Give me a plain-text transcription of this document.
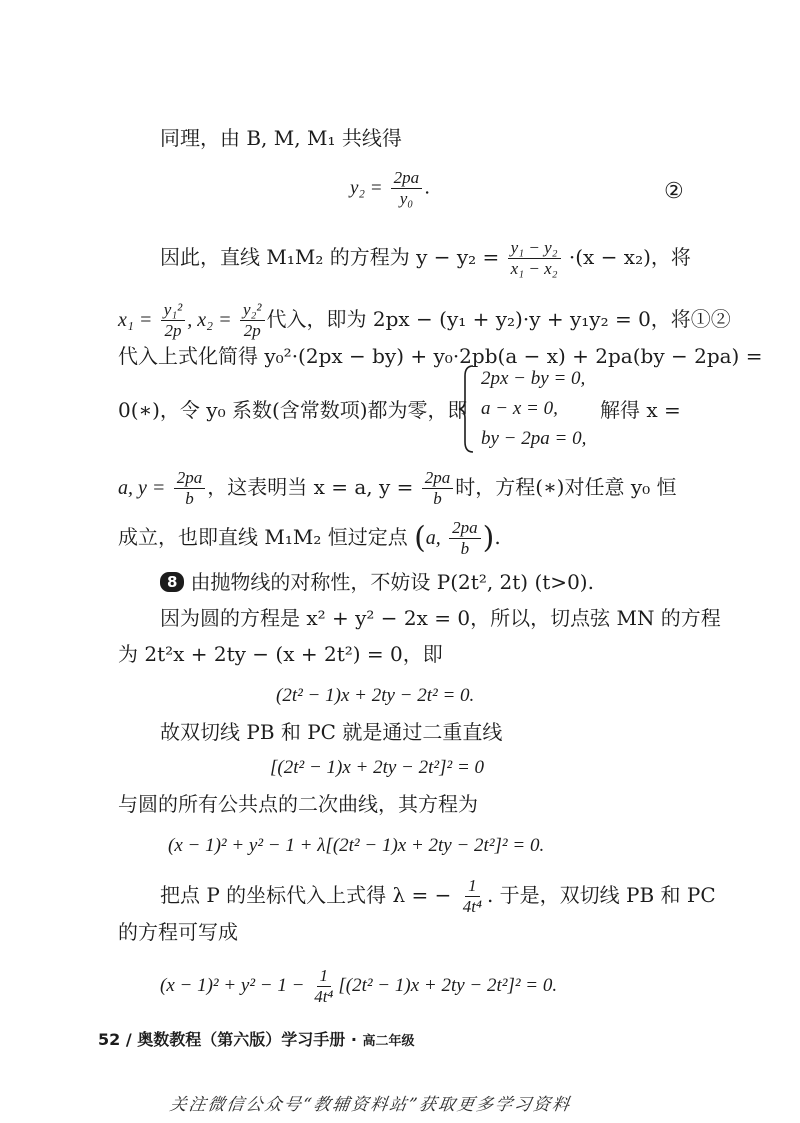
同理，由 B, M, M₁ 共线得
$y_2 = \frac{2pa}{\text{y₀}}$ .	②
因此，直线 M₁M₂ 的方程为 $y - y_2 = \frac{\text{y₁ − y₂}}{\text{x₁ − x₂}} \cdot(x - x_2)$，将
$x_1 = \frac{\text{y₁²}}{2p}$ , $x_2 = \frac{\text{y₂²}}{2p}$ 代入，即为 2px − (y₁ + y₂)·y + y₁y₂ = 0，将①②
代入上式化简得 y₀²·(2px − by) + y₀·2pb(a − x) + 2pa(by − 2pa) =
0(∗)，令 y₀ 系数(含常数项)都为零，即
2px − by = 0,
a − x = 0,
by − 2pa = 0,
解得 x =
a, $y = \frac{2pa}{b}$ ，这表明当 x = a, $y = \frac{2pa}{b}$ 时，方程(∗)对任意 y₀ 恒
成立，也即直线 M₁M₂ 恒过定点 (a, $\frac{2pa}{b}$ ).
8 由抛物线的对称性，不妨设 P(2t², 2t) (t>0).
因为圆的方程是 x² + y² − 2x = 0，所以，切点弦 MN 的方程
为 2t²x + 2ty − (x + 2t²) = 0，即
(2t² − 1)x + 2ty − 2t² = 0.
故双切线 PB 和 PC 就是通过二重直线
[(2t² − 1)x + 2ty − 2t²]² = 0
与圆的所有公共点的二次曲线，其方程为
(x − 1)² + y² − 1 + λ[(2t² − 1)x + 2ty − 2t²]² = 0.
把点 P 的坐标代入上式得 λ = − $\frac{1}{\text{4t⁴}}$ . 于是，双切线 PB 和 PC
的方程可写成
$(x - 1)^2 + y^2 - 1 - \frac{1}{\text{4t⁴}} [(2t^2 - 1)x + 2ty - 2t^2]^2 = 0$.
52 / 奥数教程（第六版）学习手册 · 高二年级
关注微信公众号“教辅资料站”获取更多学习资料
